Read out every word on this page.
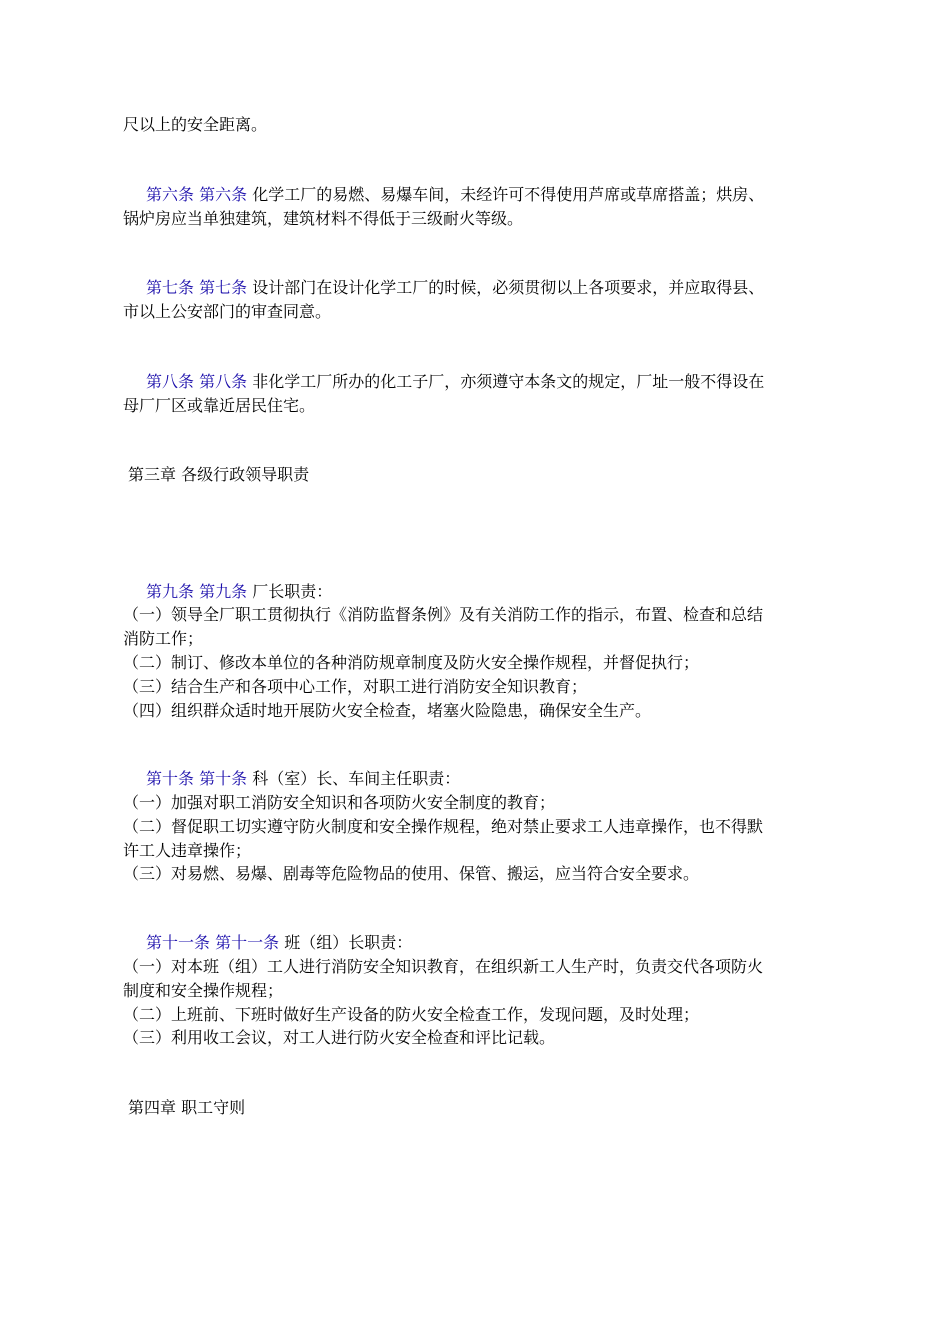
尺以上的安全距离。
第六条 第六条 化学工厂的易燃、易爆车间，未经许可不得使用芦席或草席搭盖；烘房、
锅炉房应当单独建筑，建筑材料不得低于三级耐火等级。
第七条 第七条 设计部门在设计化学工厂的时候，必须贯彻以上各项要求，并应取得县、
市以上公安部门的审查同意。
第八条 第八条 非化学工厂所办的化工子厂，亦须遵守本条文的规定，厂址一般不得设在
母厂厂区或靠近居民住宅。
第三章 各级行政领导职责
第九条 第九条 厂长职责：
（一）领导全厂职工贯彻执行《消防监督条例》及有关消防工作的指示，布置、检查和总结
消防工作；
（二）制订、修改本单位的各种消防规章制度及防火安全操作规程，并督促执行；
（三）结合生产和各项中心工作，对职工进行消防安全知识教育；
（四）组织群众适时地开展防火安全检查，堵塞火险隐患，确保安全生产。
第十条 第十条 科（室）长、车间主任职责：
（一）加强对职工消防安全知识和各项防火安全制度的教育；
（二）督促职工切实遵守防火制度和安全操作规程，绝对禁止要求工人违章操作，也不得默
许工人违章操作；
（三）对易燃、易爆、剧毒等危险物品的使用、保管、搬运，应当符合安全要求。
第十一条 第十一条 班（组）长职责：
（一）对本班（组）工人进行消防安全知识教育，在组织新工人生产时，负责交代各项防火
制度和安全操作规程；
（二）上班前、下班时做好生产设备的防火安全检查工作，发现问题，及时处理；
（三）利用收工会议，对工人进行防火安全检查和评比记载。
第四章 职工守则
